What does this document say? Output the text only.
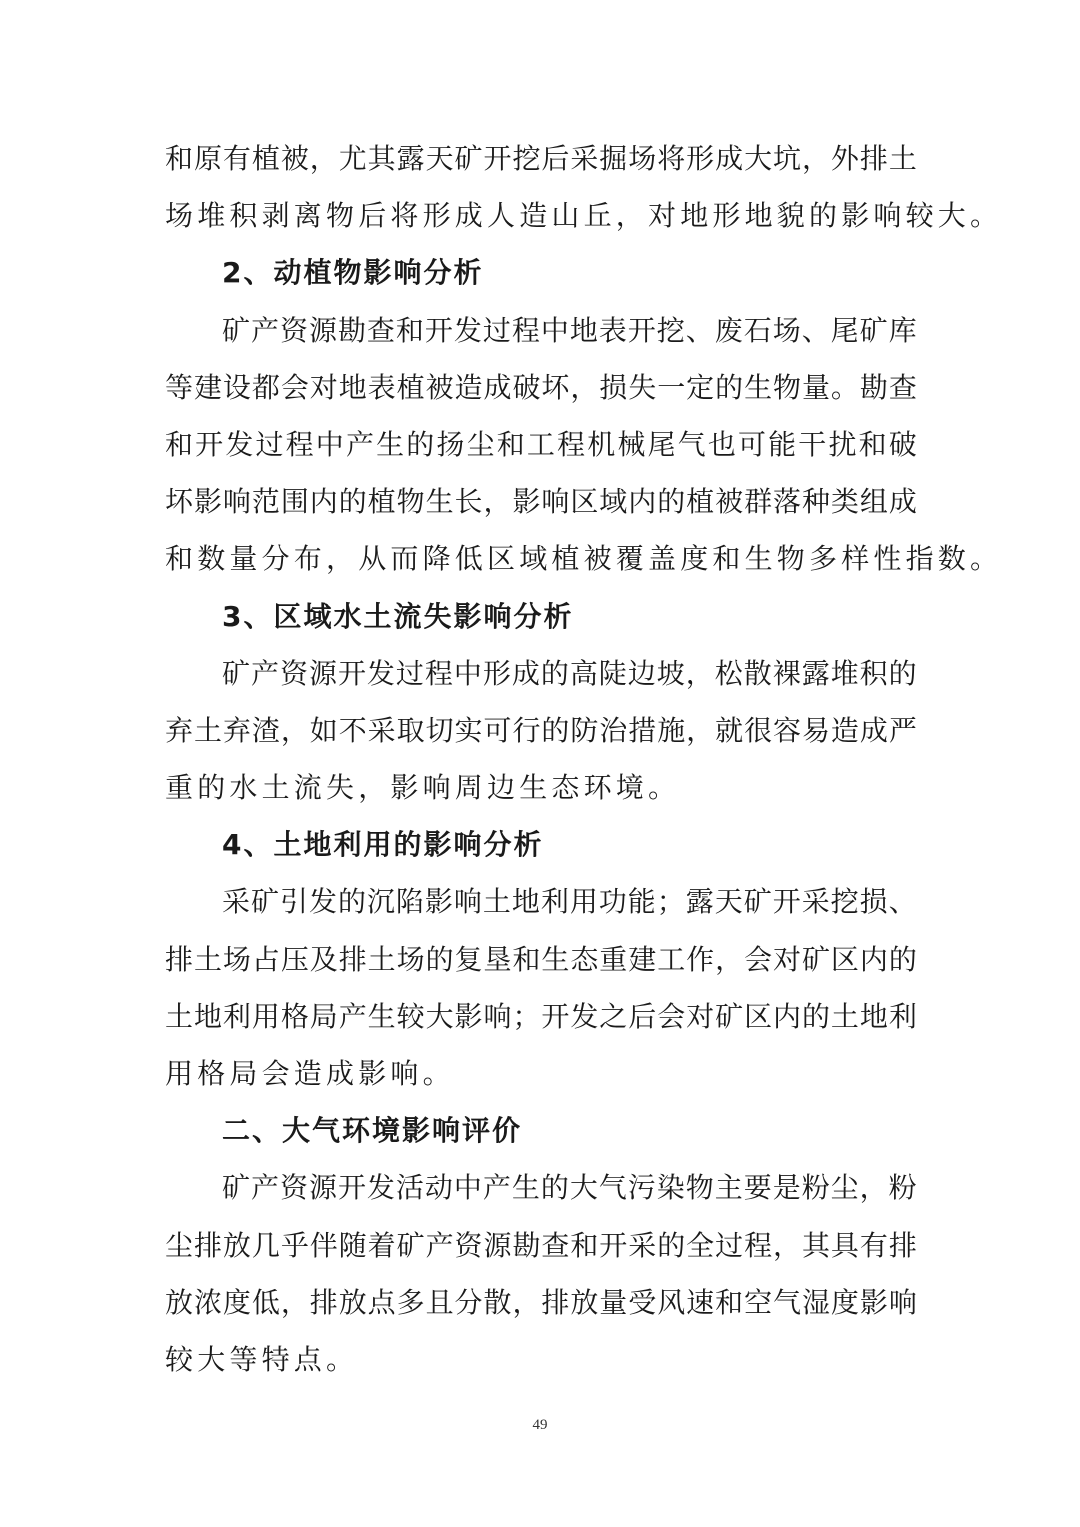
和 原 有 植 被 ， 尤 其 露 天 矿 开 挖 后 采 掘 场 将 形 成 大 坑 ， 外 排 土
场堆积剥离物后将形成人造山丘，对地形地貌的影响较大。
2、动植物影响分析
矿 产 资 源 勘 查 和 开 发 过 程 中 地 表 开 挖 、 废 石 场 、 尾 矿 库
等 建 设 都 会 对 地 表 植 被 造 成 破 坏 ， 损 失 一 定 的 生 物 量 。 勘 查
和 开 发 过 程 中 产 生 的 扬 尘 和 工 程 机 械 尾 气 也 可 能 干 扰 和 破
坏 影 响 范 围 内 的 植 物 生 长 ， 影 响 区 域 内 的 植 被 群 落 种 类 组 成
和数量分布，从而降低区域植被覆盖度和生物多样性指数。
3、区域水土流失影响分析
矿 产 资 源 开 发 过 程 中 形 成 的 高 陡 边 坡 ， 松 散 裸 露 堆 积 的
弃 土 弃 渣 ， 如 不 采 取 切 实 可 行 的 防 治 措 施 ， 就 很 容 易 造 成 严
重的水土流失，影响周边生态环境。
4、土地利用的影响分析
采 矿 引 发 的 沉 陷 影 响 土 地 利 用 功 能 ； 露 天 矿 开 采 挖 损 、
排 土 场 占 压 及 排 土 场 的 复 垦 和 生 态 重 建 工 作 ， 会 对 矿 区 内 的
土 地 利 用 格 局 产 生 较 大 影 响 ； 开 发 之 后 会 对 矿 区 内 的 土 地 利
用格局会造成影响。
二、大气环境影响评价
矿 产 资 源 开 发 活 动 中 产 生 的 大 气 污 染 物 主 要 是 粉 尘 ， 粉
尘 排 放 几 乎 伴 随 着 矿 产 资 源 勘 查 和 开 采 的 全 过 程 ， 其 具 有 排
放 浓 度 低 ， 排 放 点 多 且 分 散 ， 排 放 量 受 风 速 和 空 气 湿 度 影 响
较大等特点。
49
